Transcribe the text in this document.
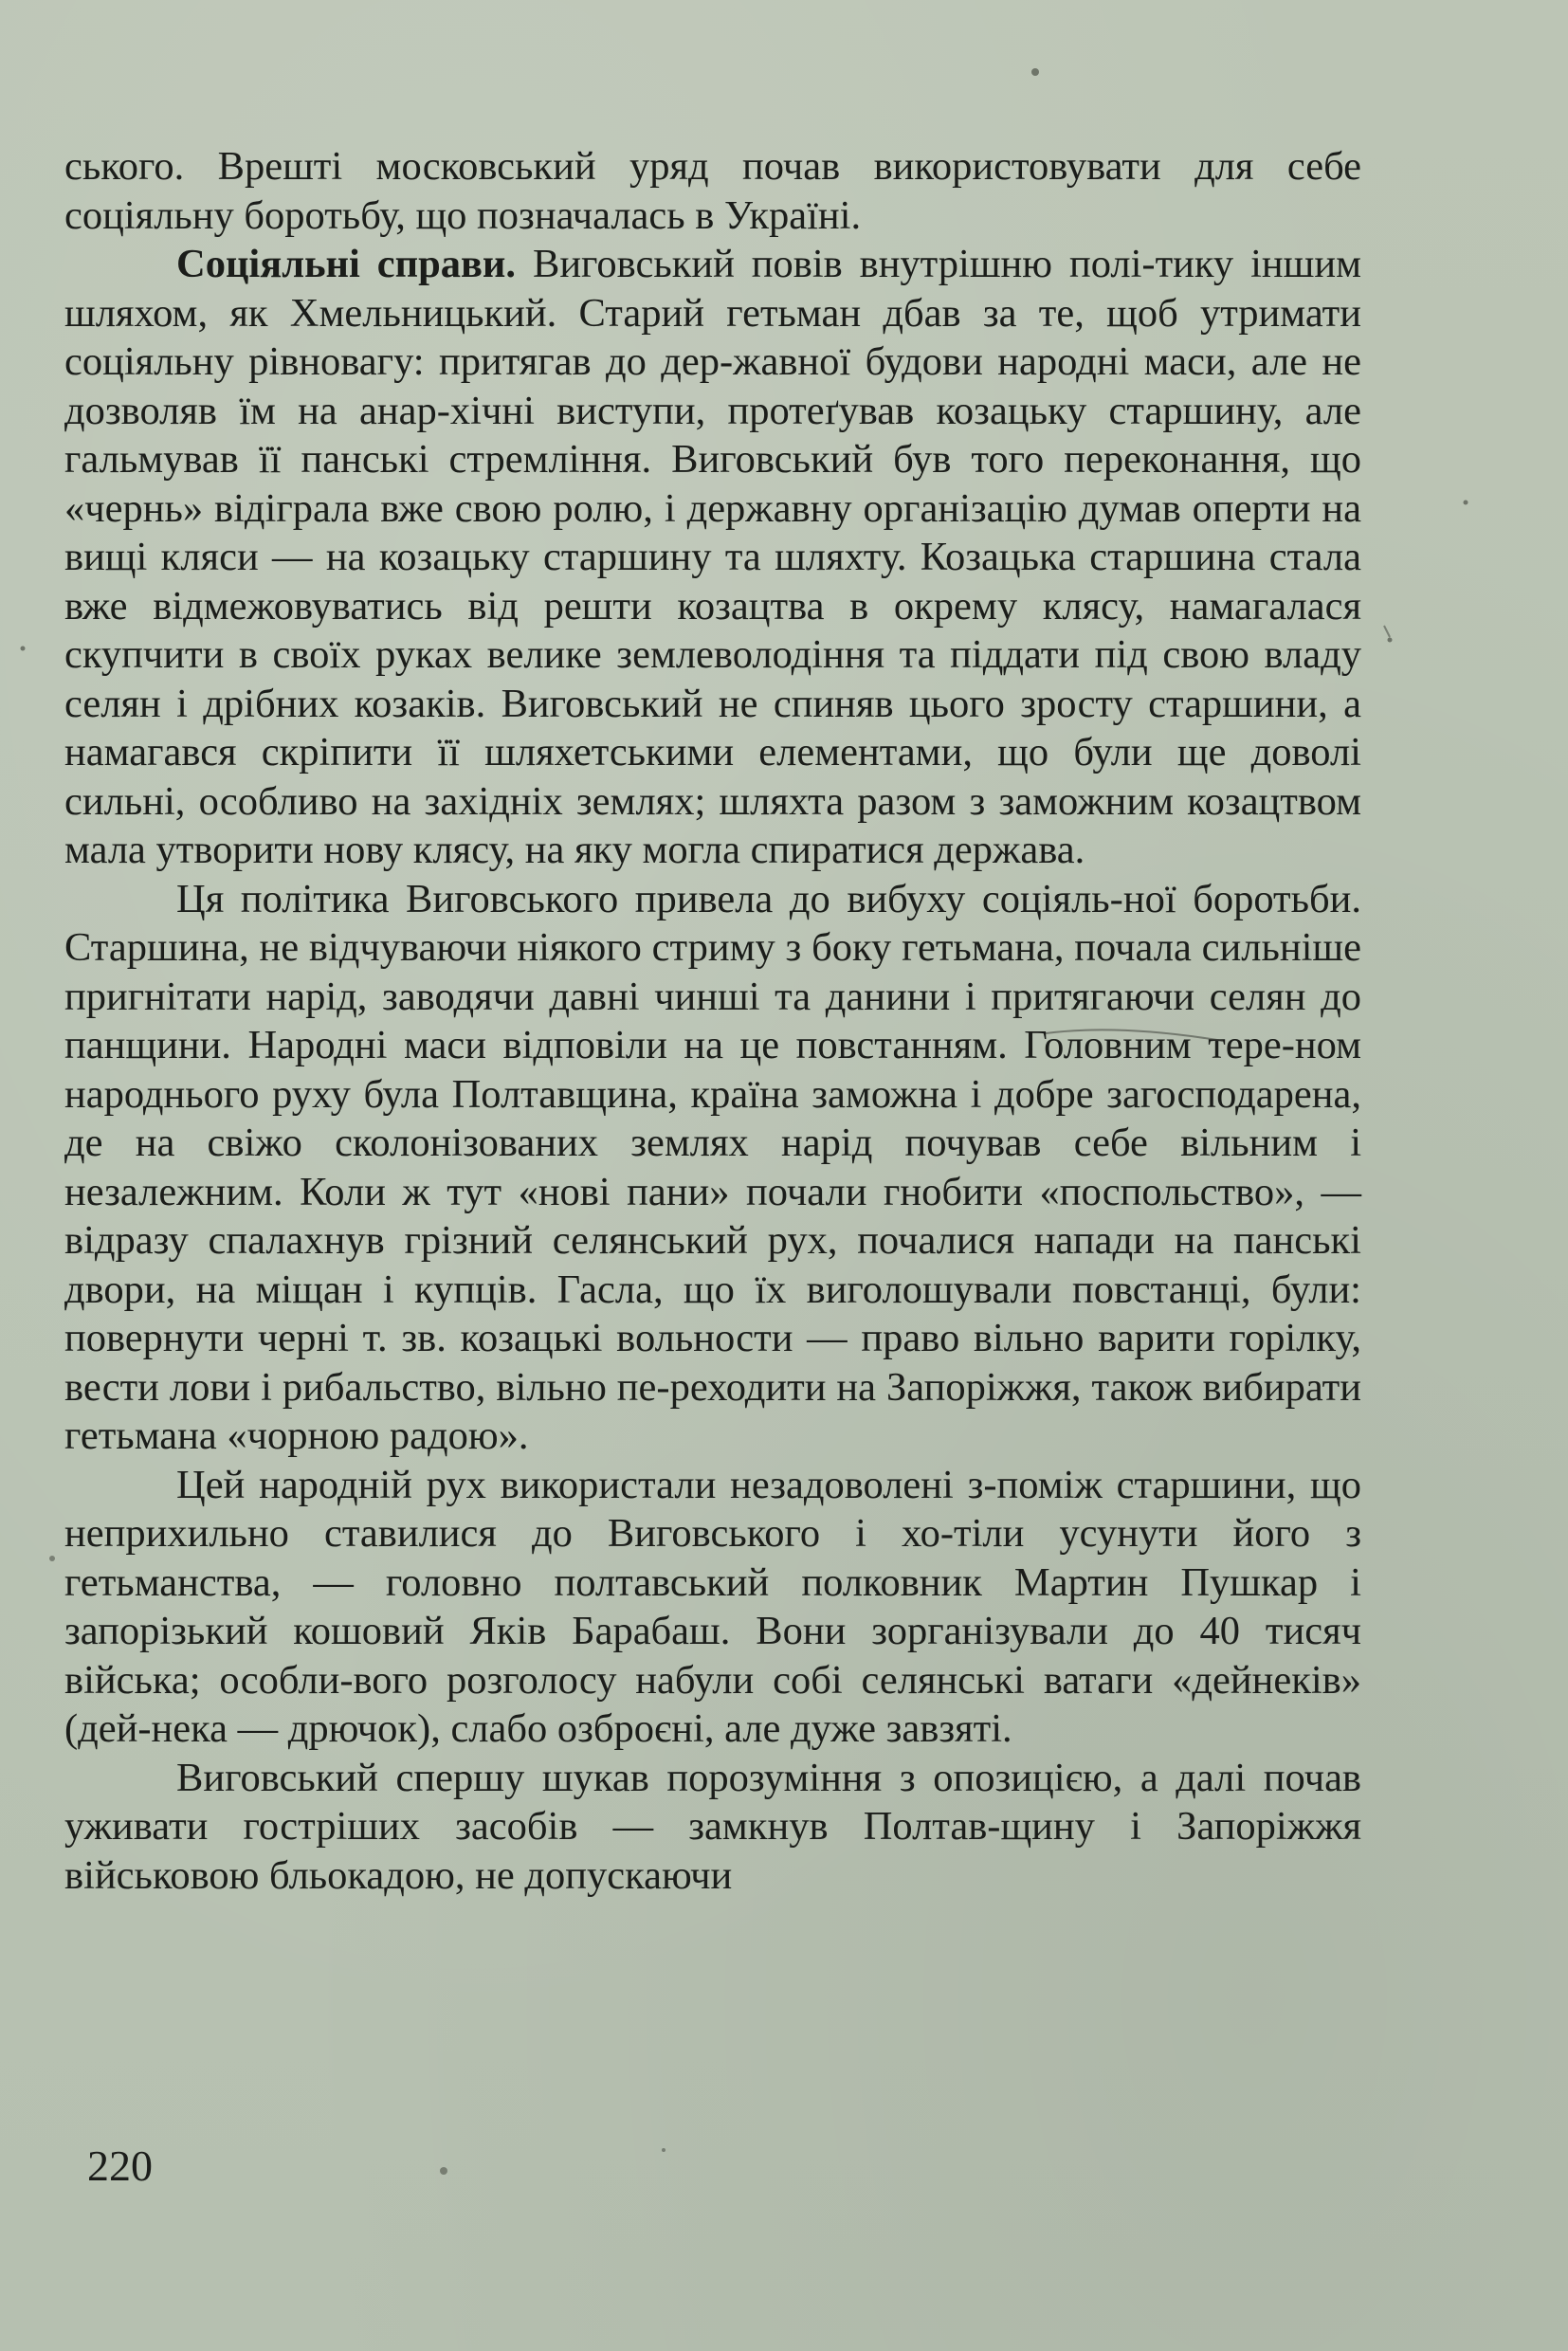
ського. Врешті московський уряд почав використовувати для себе соціяльну боротьбу, що позначалась в Україні.

Соціяльні справи. Виговський повів внутрішню полі‑тику іншим шляхом, як Хмельницький. Старий гетьман дбав за те, щоб утримати соціяльну рівновагу: притягав до дер‑жавної будови народні маси, але не дозволяв їм на анар‑хічні виступи, протеґував козацьку старшину, але гальмував її панські стремління. Виговський був того переконання, що «чернь» відіграла вже свою ролю, і державну організацію думав оперти на вищі кляси — на козацьку старшину та шляхту. Козацька старшина стала вже відмежовуватись від решти козацтва в окрему клясу, намагалася скупчити в своїх руках велике землеволодіння та піддати під свою владу селян і дрібних козаків. Виговський не спиняв цього зросту старшини, а намагався скріпити її шляхетськими елементами, що були ще доволі сильні, особливо на західніх землях; шляхта разом з заможним козацтвом мала утворити нову клясу, на яку могла спиратися держава.

Ця політика Виговського привела до вибуху соціяль‑ної боротьби. Старшина, не відчуваючи ніякого стриму з боку гетьмана, почала сильніше пригнітати нарід, заводячи давні чинші та данини і притягаючи селян до панщини. Народні маси відповіли на це повстанням. Головним тере‑ном народнього руху була Полтавщина, країна заможна і добре загосподарена, де на свіжо сколонізованих землях нарід почував себе вільним і незалежним. Коли ж тут «нові пани» почали гнобити «поспольство», — відразу спалахнув грізний селянський рух, почалися напади на панські двори, на міщан і купців. Гасла, що їх виголошували повстанці, були: повернути черні т. зв. козацькі вольности — право вільно варити горілку, вести лови і рибальство, вільно пе‑реходити на Запоріжжя, також вибирати гетьмана «чорною радою».

Цей народній рух використали незадоволені з‑поміж старшини, що неприхильно ставилися до Виговського і хо‑тіли усунути його з гетьманства, — головно полтавський полковник Мартин Пушкар і запорізький кошовий Яків Барабаш. Вони зорганізували до 40 тисяч війська; особли‑вого розголосу набули собі селянські ватаги «дейнеків» (дей‑нека — дрючок), слабо озброєні, але дуже завзяті.

Виговський спершу шукав порозуміння з опозицією, а далі почав уживати гострішиx засобів — замкнув Полтав‑щину і Запоріжжя військовою бльокадою, не допускаючи

220
